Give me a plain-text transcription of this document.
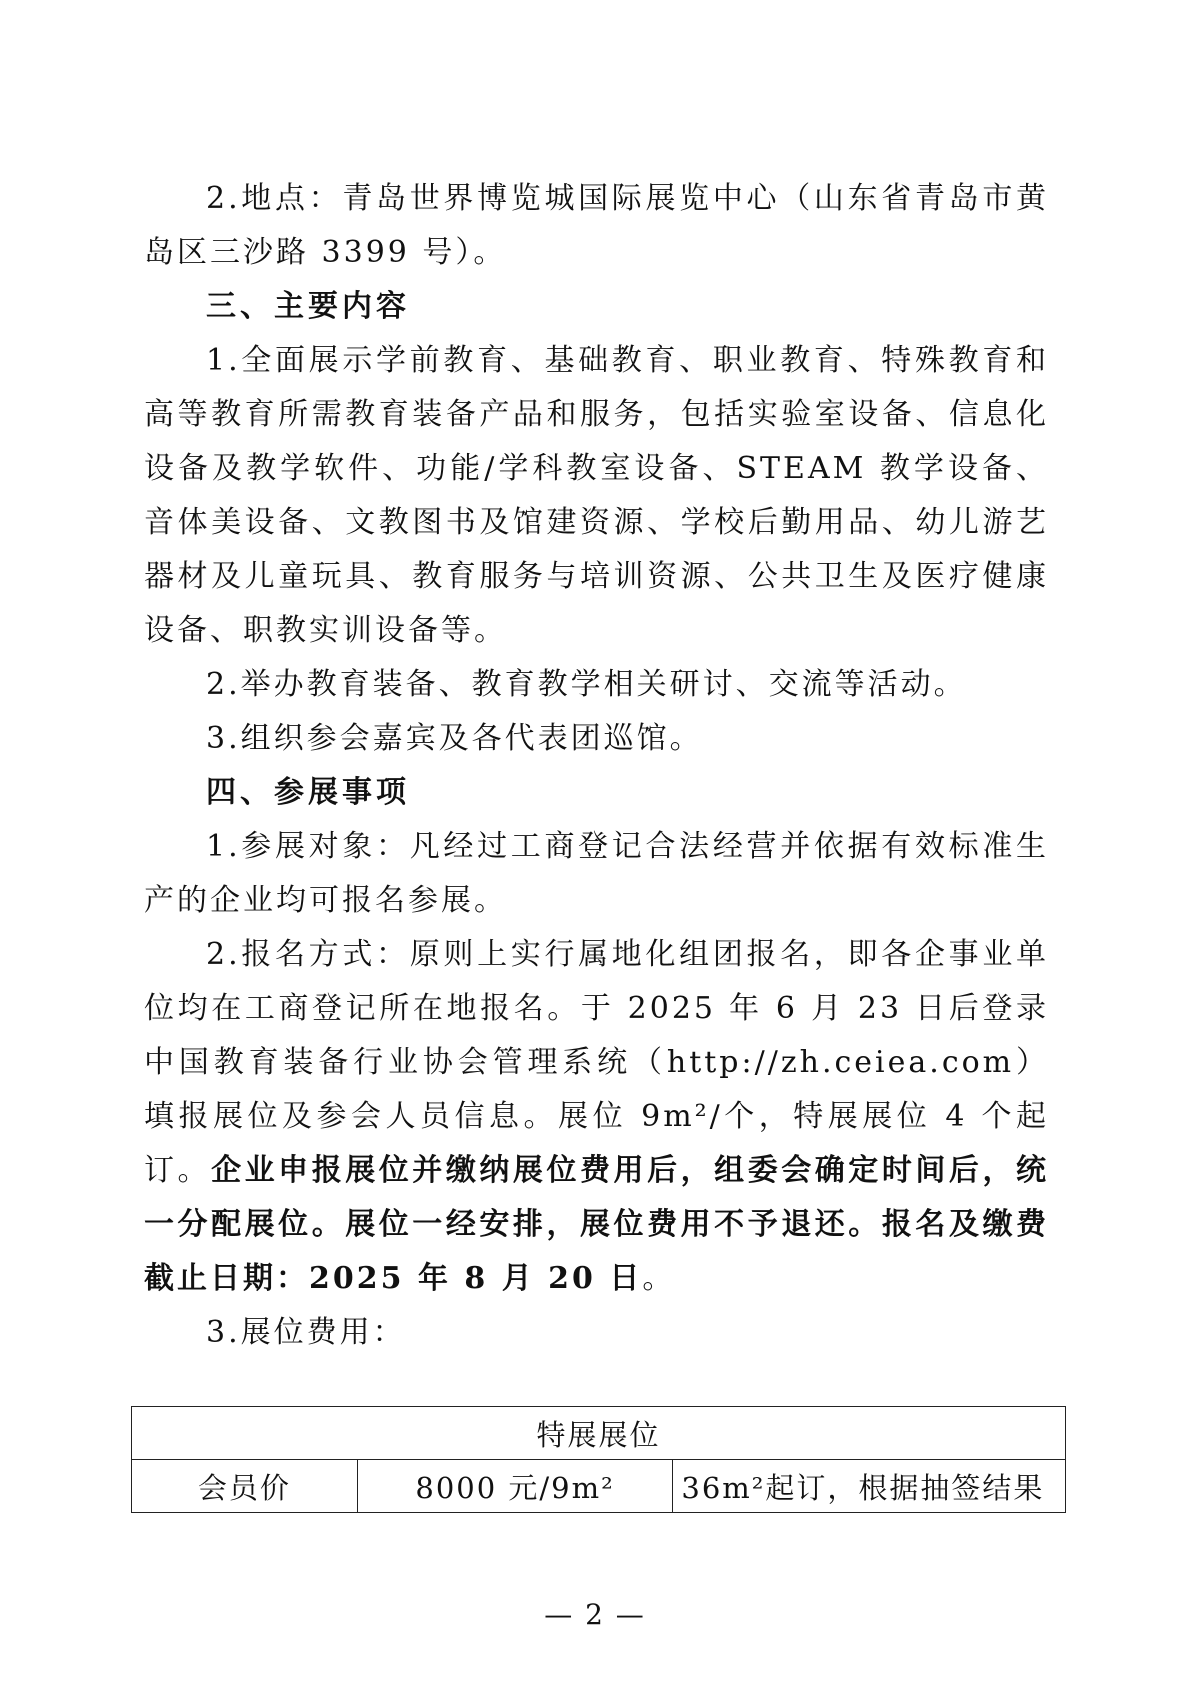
2.地点：青岛世界博览城国际展览中心（山东省青岛市黄岛区三沙路 3399 号）。

三、主要内容

1.全面展示学前教育、基础教育、职业教育、特殊教育和高等教育所需教育装备产品和服务，包括实验室设备、信息化设备及教学软件、功能/学科教室设备、STEAM 教学设备、音体美设备、文教图书及馆建资源、学校后勤用品、幼儿游艺器材及儿童玩具、教育服务与培训资源、公共卫生及医疗健康设备、职教实训设备等。

2.举办教育装备、教育教学相关研讨、交流等活动。

3.组织参会嘉宾及各代表团巡馆。

四、参展事项

1.参展对象：凡经过工商登记合法经营并依据有效标准生产的企业均可报名参展。

2.报名方式：原则上实行属地化组团报名，即各企事业单位均在工商登记所在地报名。于 2025 年 6 月 23 日后登录中国教育装备行业协会管理系统（http://zh.ceiea.com）填报展位及参会人员信息。展位 9m²/个，特展展位 4 个起订。企业申报展位并缴纳展位费用后，组委会确定时间后，统一分配展位。展位一经安排，展位费用不予退还。报名及缴费截止日期：2025 年 8 月 20 日。

3.展位费用：

特展展位
会员价	8000 元/9m²	36m²起订，根据抽签结果
— 2 —
